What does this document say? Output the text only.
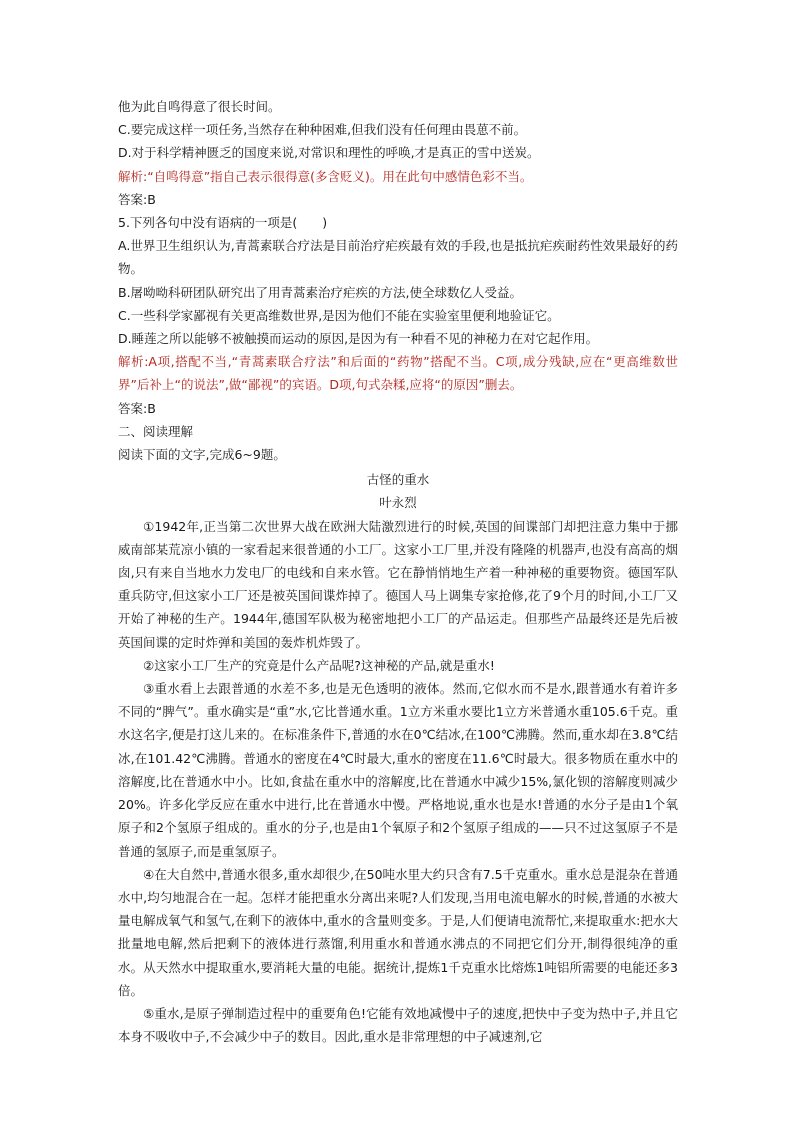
他为此自鸣得意了很长时间。

C.要完成这样一项任务,当然存在种种困难,但我们没有任何理由畏葸不前。

D.对于科学精神匮乏的国度来说,对常识和理性的呼唤,才是真正的雪中送炭。

解析:“自鸣得意”指自己表示很得意(多含贬义)。用在此句中感情色彩不当。

答案:B

5.下列各句中没有语病的一项是(　　)

A.世界卫生组织认为,青蒿素联合疗法是目前治疗疟疾最有效的手段,也是抵抗疟疾耐药性效果最好的药物。

B.屠呦呦科研团队研究出了用青蒿素治疗疟疾的方法,使全球数亿人受益。

C.一些科学家鄙视有关更高维数世界,是因为他们不能在实验室里便利地验证它。

D.睡莲之所以能够不被触摸而运动的原因,是因为有一种看不见的神秘力在对它起作用。

解析:A项,搭配不当,“青蒿素联合疗法”和后面的“药物”搭配不当。C项,成分残缺,应在“更高维数世界”后补上“的说法”,做“鄙视”的宾语。D项,句式杂糅,应将“的原因”删去。

答案:B

二、阅读理解

阅读下面的文字,完成6~9题。

古怪的重水

叶永烈

①1942年,正当第二次世界大战在欧洲大陆激烈进行的时候,英国的间谍部门却把注意力集中于挪威南部某荒凉小镇的一家看起来很普通的小工厂。这家小工厂里,并没有隆隆的机器声,也没有高高的烟囱,只有来自当地水力发电厂的电线和自来水管。它在静悄悄地生产着一种神秘的重要物资。德国军队重兵防守,但这家小工厂还是被英国间谍炸掉了。德国人马上调集专家抢修,花了9个月的时间,小工厂又开始了神秘的生产。1944年,德国军队极为秘密地把小工厂的产品运走。但那些产品最终还是先后被英国间谍的定时炸弹和美国的轰炸机炸毁了。

②这家小工厂生产的究竟是什么产品呢?这神秘的产品,就是重水!

③重水看上去跟普通的水差不多,也是无色透明的液体。然而,它似水而不是水,跟普通水有着许多不同的“脾气”。重水确实是“重”水,它比普通水重。1立方米重水要比1立方米普通水重105.6千克。重水这名字,便是打这儿来的。在标准条件下,普通的水在0℃结冰,在100℃沸腾。然而,重水却在3.8℃结冰,在101.42℃沸腾。普通水的密度在4℃时最大,重水的密度在11.6℃时最大。很多物质在重水中的溶解度,比在普通水中小。比如,食盐在重水中的溶解度,比在普通水中减少15%,氯化钡的溶解度则减少20%。许多化学反应在重水中进行,比在普通水中慢。严格地说,重水也是水!普通的水分子是由1个氧原子和2个氢原子组成的。重水的分子,也是由1个氧原子和2个氢原子组成的——只不过这氢原子不是普通的氢原子,而是重氢原子。

④在大自然中,普通水很多,重水却很少,在50吨水里大约只含有7.5千克重水。重水总是混杂在普通水中,均匀地混合在一起。怎样才能把重水分离出来呢?人们发现,当用电流电解水的时候,普通的水被大量电解成氧气和氢气,在剩下的液体中,重水的含量则变多。于是,人们便请电流帮忙,来提取重水:把水大批量地电解,然后把剩下的液体进行蒸馏,利用重水和普通水沸点的不同把它们分开,制得很纯净的重水。从天然水中提取重水,要消耗大量的电能。据统计,提炼1千克重水比熔炼1吨铝所需要的电能还多3倍。

⑤重水,是原子弹制造过程中的重要角色!它能有效地减慢中子的速度,把快中子变为热中子,并且它本身不吸收中子,不会减少中子的数目。因此,重水是非常理想的中子减速剂,它
